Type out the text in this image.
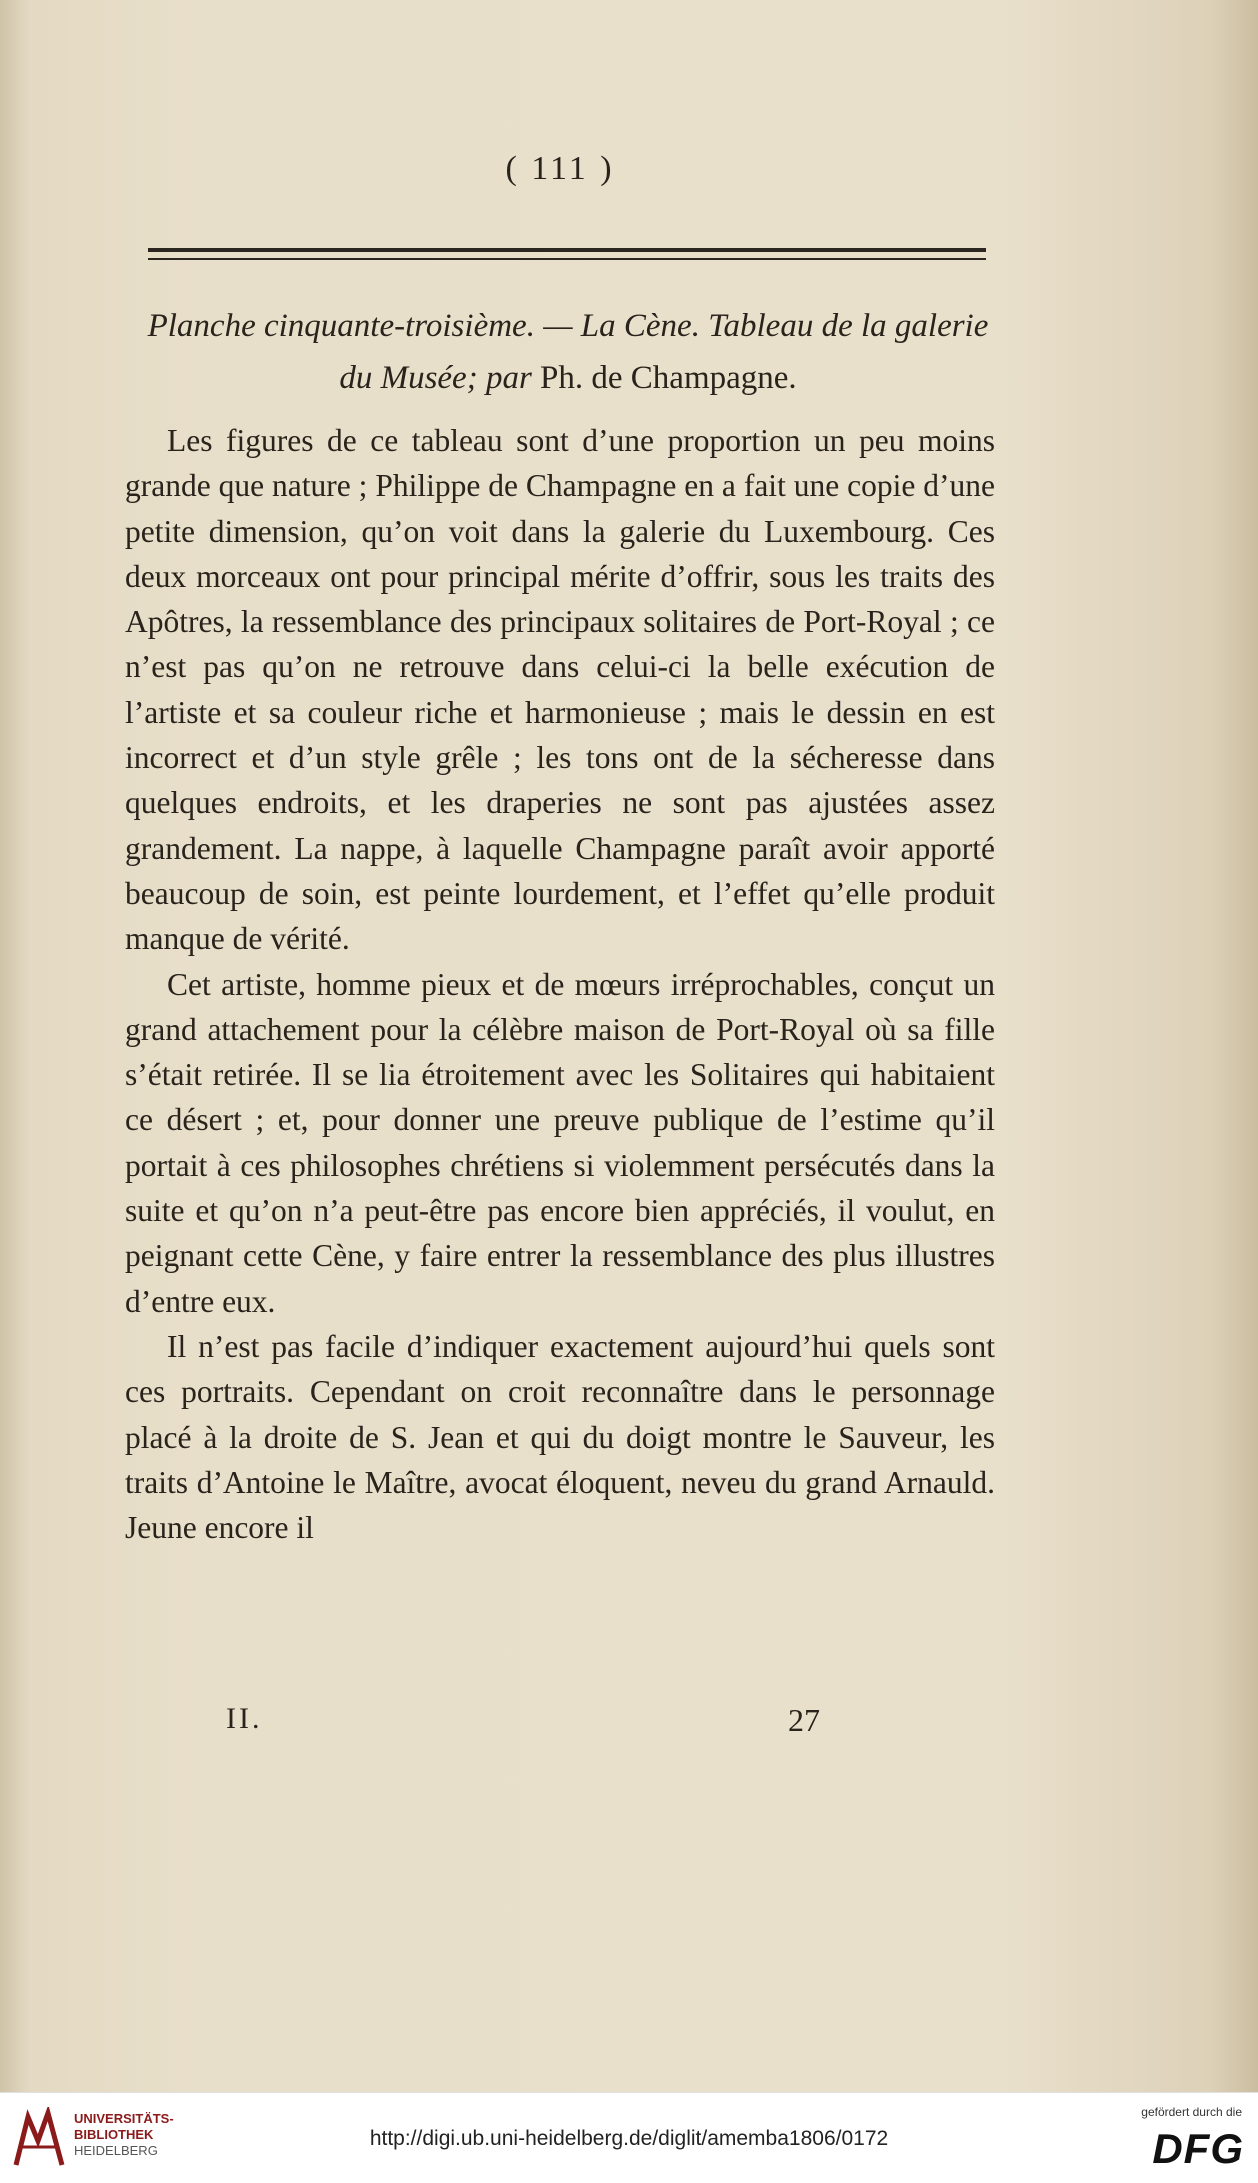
( 111 )
Planche cinquante-troisième. — La Cène. Tableau de la galerie du Musée; par Ph. de Champagne.

Les figures de ce tableau sont d’une proportion un peu moins grande que nature ; Philippe de Champagne en a fait une copie d’une petite dimension, qu’on voit dans la galerie du Luxembourg. Ces deux morceaux ont pour principal mérite d’offrir, sous les traits des Apôtres, la ressemblance des principaux solitaires de Port-Royal ; ce n’est pas qu’on ne retrouve dans celui-ci la belle exécution de l’artiste et sa couleur riche et harmonieuse ; mais le dessin en est incorrect et d’un style grêle ; les tons ont de la sécheresse dans quelques endroits, et les draperies ne sont pas ajustées assez grandement. La nappe, à laquelle Champagne paraît avoir apporté beaucoup de soin, est peinte lourdement, et l’effet qu’elle produit manque de vérité.

Cet artiste, homme pieux et de mœurs irréprochables, conçut un grand attachement pour la célèbre maison de Port-Royal où sa fille s’était retirée. Il se lia étroitement avec les Solitaires qui habitaient ce désert ; et, pour donner une preuve publique de l’estime qu’il portait à ces philosophes chrétiens si violemment persécutés dans la suite et qu’on n’a peut-être pas encore bien appréciés, il voulut, en peignant cette Cène, y faire entrer la ressemblance des plus illustres d’entre eux.

Il n’est pas facile d’indiquer exactement aujourd’hui quels sont ces portraits. Cependant on croit reconnaître dans le personnage placé à la droite de S. Jean et qui du doigt montre le Sauveur, les traits d’Antoine le Maître, avocat éloquent, neveu du grand Arnauld. Jeune encore il

II.	27
UNIVERSITÄTS-
BIBLIOTHEK
HEIDELBERG
http://digi.ub.uni-heidelberg.de/diglit/amemba1806/0172
gefördert durch die
DFG
